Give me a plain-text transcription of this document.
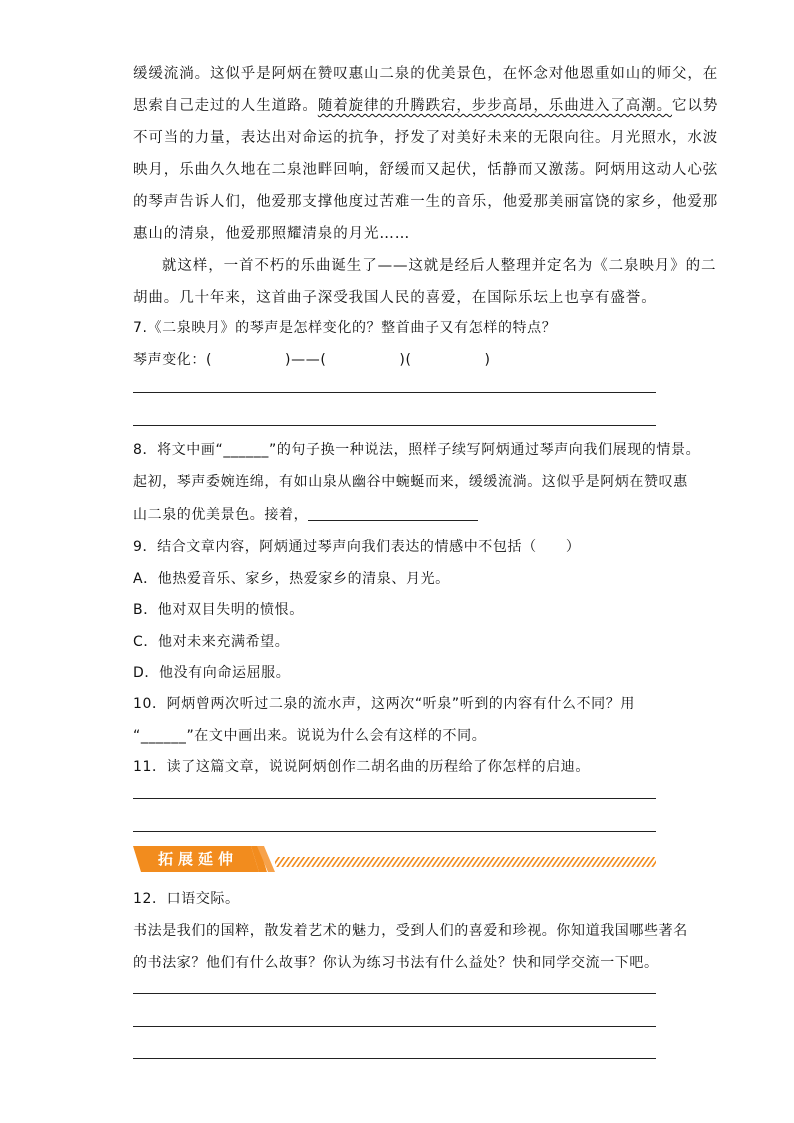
缓缓流淌。这似乎是阿炳在赞叹惠山二泉的优美景色，在怀念对他恩重如山的师父，在
思索自己走过的人生道路。随着旋律的升腾跌宕，步步高昂，乐曲进入了高潮。它以势
不可当的力量，表达出对命运的抗争，抒发了对美好未来的无限向往。月光照水，水波
映月，乐曲久久地在二泉池畔回响，舒缓而又起伏，恬静而又激荡。阿炳用这动人心弦
的琴声告诉人们，他爱那支撑他度过苦难一生的音乐，他爱那美丽富饶的家乡，他爱那
惠山的清泉，他爱那照耀清泉的月光……
就这样，一首不朽的乐曲诞生了——这就是经后人整理并定名为《二泉映月》的二
胡曲。几十年来，这首曲子深受我国人民的喜爱，在国际乐坛上也享有盛誉。
7.《二泉映月》的琴声是怎样变化的？整首曲子又有怎样的特点？
琴声变化：(　　　　　)——(　　　　　)(　　　　　)
8．将文中画“______”的句子换一种说法，照样子续写阿炳通过琴声向我们展现的情景。
起初，琴声委婉连绵，有如山泉从幽谷中蜿蜒而来，缓缓流淌。这似乎是阿炳在赞叹惠
山二泉的优美景色。接着，
9．结合文章内容，阿炳通过琴声向我们表达的情感中不包括（　　）
A．他热爱音乐、家乡，热爱家乡的清泉、月光。
B．他对双目失明的愤恨。
C．他对未来充满希望。
D．他没有向命运屈服。
10．阿炳曾两次听过二泉的流水声，这两次“听泉”听到的内容有什么不同？用
“______”在文中画出来。说说为什么会有这样的不同。
11．读了这篇文章，说说阿炳创作二胡名曲的历程给了你怎样的启迪。
拓展延伸
12．口语交际。
书法是我们的国粹，散发着艺术的魅力，受到人们的喜爱和珍视。你知道我国哪些著名
的书法家？他们有什么故事？你认为练习书法有什么益处？快和同学交流一下吧。
